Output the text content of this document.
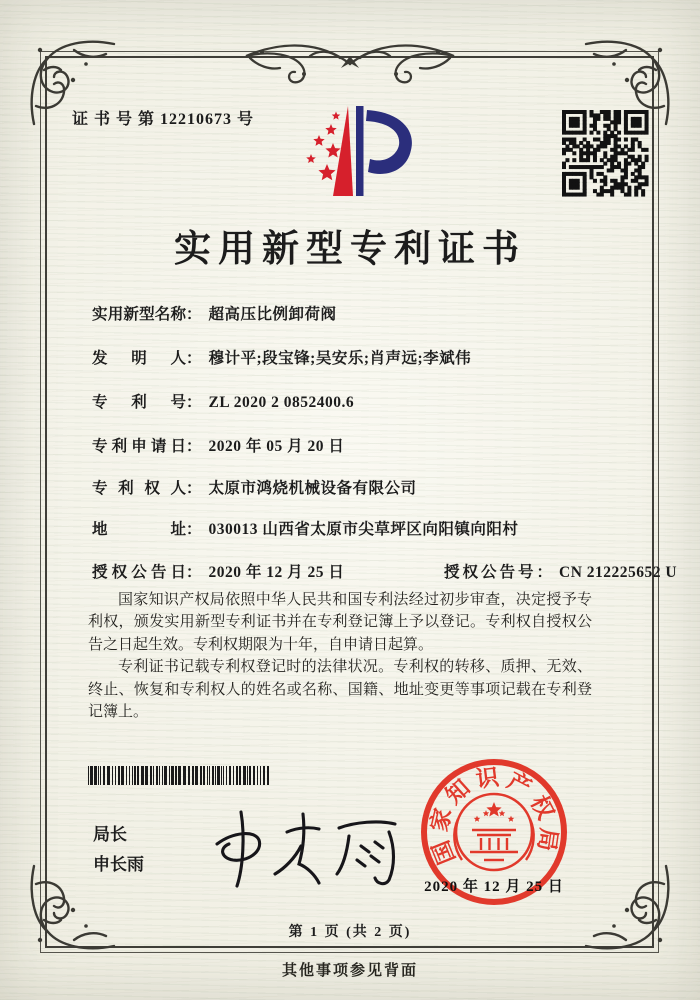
证 书 号 第 12210673 号
实用新型专利证书
实用新型名称： 超高压比例卸荷阀
发明人： 穆计平;段宝锋;吴安乐;肖声远;李斌伟
专利号： ZL 2020 2 0852400.6
专利申请日： 2020 年 05 月 20 日
专利权人： 太原市鸿烧机械设备有限公司
地址： 030013 山西省太原市尖草坪区向阳镇向阳村
授权公告日： 2020 年 12 月 25 日	授权公告号： CN 212225652 U

国家知识产权局依照中华人民共和国专利法经过初步审查，决定授予专利权，颁发实用新型专利证书并在专利登记簿上予以登记。专利权自授权公告之日起生效。专利权期限为十年，自申请日起算。

专利证书记载专利权登记时的法律状况。专利权的转移、质押、无效、终止、恢复和专利权人的姓名或名称、国籍、地址变更等事项记载在专利登记簿上。

局长
申长雨	国
家
知 识 产
权
局
2020 年 12 月 25 日
第 1 页 (共 2 页)
其他事项参见背面
